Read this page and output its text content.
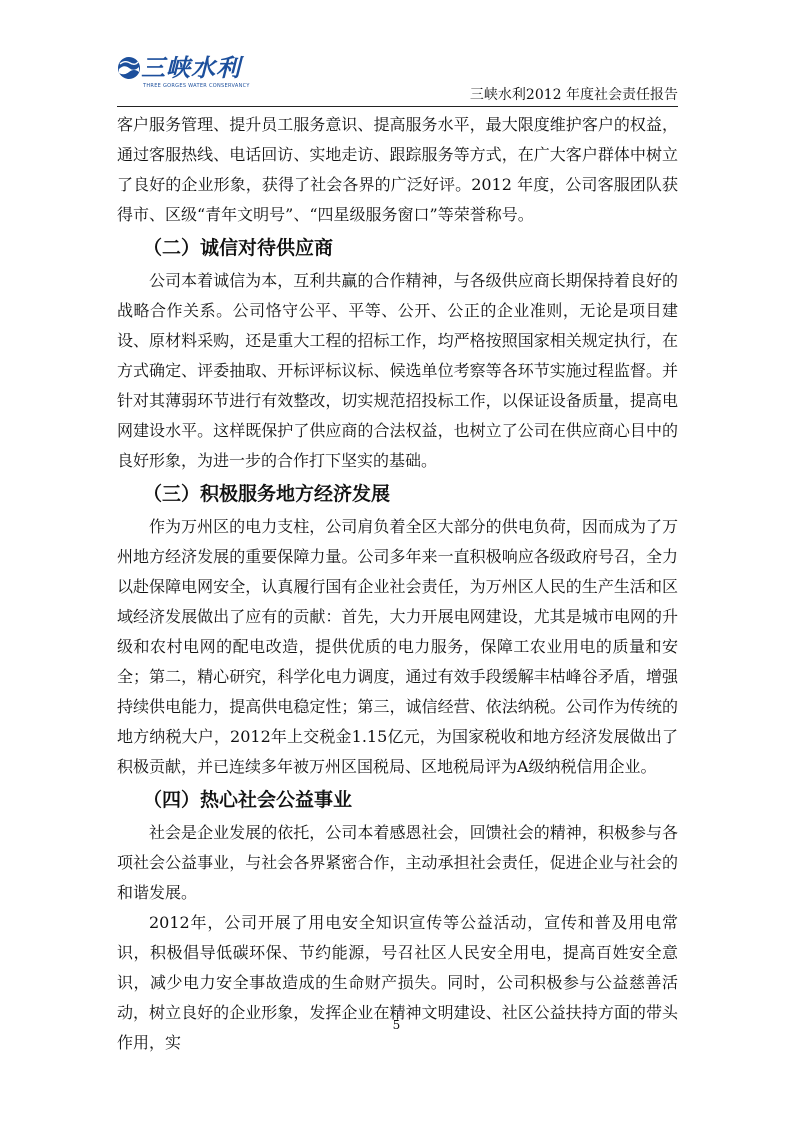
三峡水利
THREE GORGES WATER CONSERVANCY
三峡水利2012 年度社会责任报告

客户服务管理、提升员工服务意识、提高服务水平，最大限度维护客户的权益，通过客服热线、电话回访、实地走访、跟踪服务等方式，在广大客户群体中树立了良好的企业形象，获得了社会各界的广泛好评。2012 年度，公司客服团队获得市、区级“青年文明号”、“四星级服务窗口”等荣誉称号。

（二）诚信对待供应商

公司本着诚信为本，互利共赢的合作精神，与各级供应商长期保持着良好的战略合作关系。公司恪守公平、平等、公开、公正的企业准则，无论是项目建设、原材料采购，还是重大工程的招标工作，均严格按照国家相关规定执行，在方式确定、评委抽取、开标评标议标、候选单位考察等各环节实施过程监督。并针对其薄弱环节进行有效整改，切实规范招投标工作，以保证设备质量，提高电网建设水平。这样既保护了供应商的合法权益，也树立了公司在供应商心目中的良好形象，为进一步的合作打下坚实的基础。

（三）积极服务地方经济发展

作为万州区的电力支柱，公司肩负着全区大部分的供电负荷，因而成为了万州地方经济发展的重要保障力量。公司多年来一直积极响应各级政府号召，全力以赴保障电网安全，认真履行国有企业社会责任，为万州区人民的生产生活和区域经济发展做出了应有的贡献：首先，大力开展电网建设，尤其是城市电网的升级和农村电网的配电改造，提供优质的电力服务，保障工农业用电的质量和安全；第二，精心研究，科学化电力调度，通过有效手段缓解丰枯峰谷矛盾，增强持续供电能力，提高供电稳定性；第三，诚信经营、依法纳税。公司作为传统的地方纳税大户，2012年上交税金1.15亿元，为国家税收和地方经济发展做出了积极贡献，并已连续多年被万州区国税局、区地税局评为A级纳税信用企业。

（四）热心社会公益事业

社会是企业发展的依托，公司本着感恩社会，回馈社会的精神，积极参与各项社会公益事业，与社会各界紧密合作，主动承担社会责任，促进企业与社会的和谐发展。

2012年，公司开展了用电安全知识宣传等公益活动，宣传和普及用电常识，积极倡导低碳环保、节约能源，号召社区人民安全用电，提高百姓安全意识，减少电力安全事故造成的生命财产损失。同时，公司积极参与公益慈善活动，树立良好的企业形象，发挥企业在精神文明建设、社区公益扶持方面的带头作用，实

5
